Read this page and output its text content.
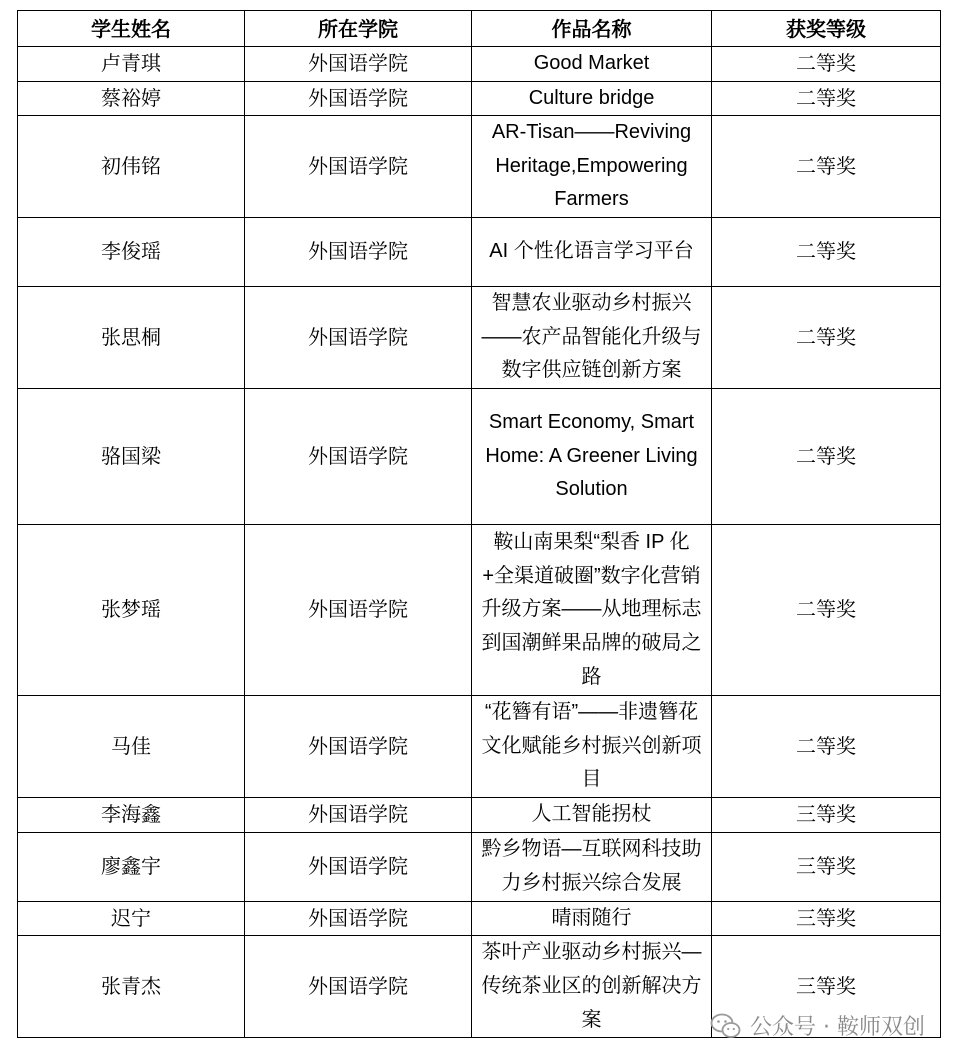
学生姓名	所在学院	作品名称	获奖等级
卢青琪	外国语学院	Good Market	二等奖
蔡裕婷	外国语学院	Culture bridge	二等奖
初伟铭	外国语学院	AR-Tisan——Reviving Heritage,Empowering Farmers	二等奖
李俊瑶	外国语学院	AI 个性化语言学习平台	二等奖
张思桐	外国语学院	智慧农业驱动乡村振兴——农产品智能化升级与数字供应链创新方案	二等奖
骆国梁	外国语学院	Smart Economy, Smart Home: A Greener Living Solution	二等奖
张梦瑶	外国语学院	鞍山南果梨“梨香 IP 化+全渠道破圈”数字化营销升级方案——从地理标志到国潮鲜果品牌的破局之路	二等奖
马佳	外国语学院	“花簪有语”——非遗簪花文化赋能乡村振兴创新项目	二等奖
李海鑫	外国语学院	人工智能拐杖	三等奖
廖鑫宇	外国语学院	黔乡物语—互联网科技助力乡村振兴综合发展	三等奖
迟宁	外国语学院	晴雨随行	三等奖
张青杰	外国语学院	茶叶产业驱动乡村振兴—传统茶业区的创新解决方案	三等奖
公众号 · 鞍师双创
